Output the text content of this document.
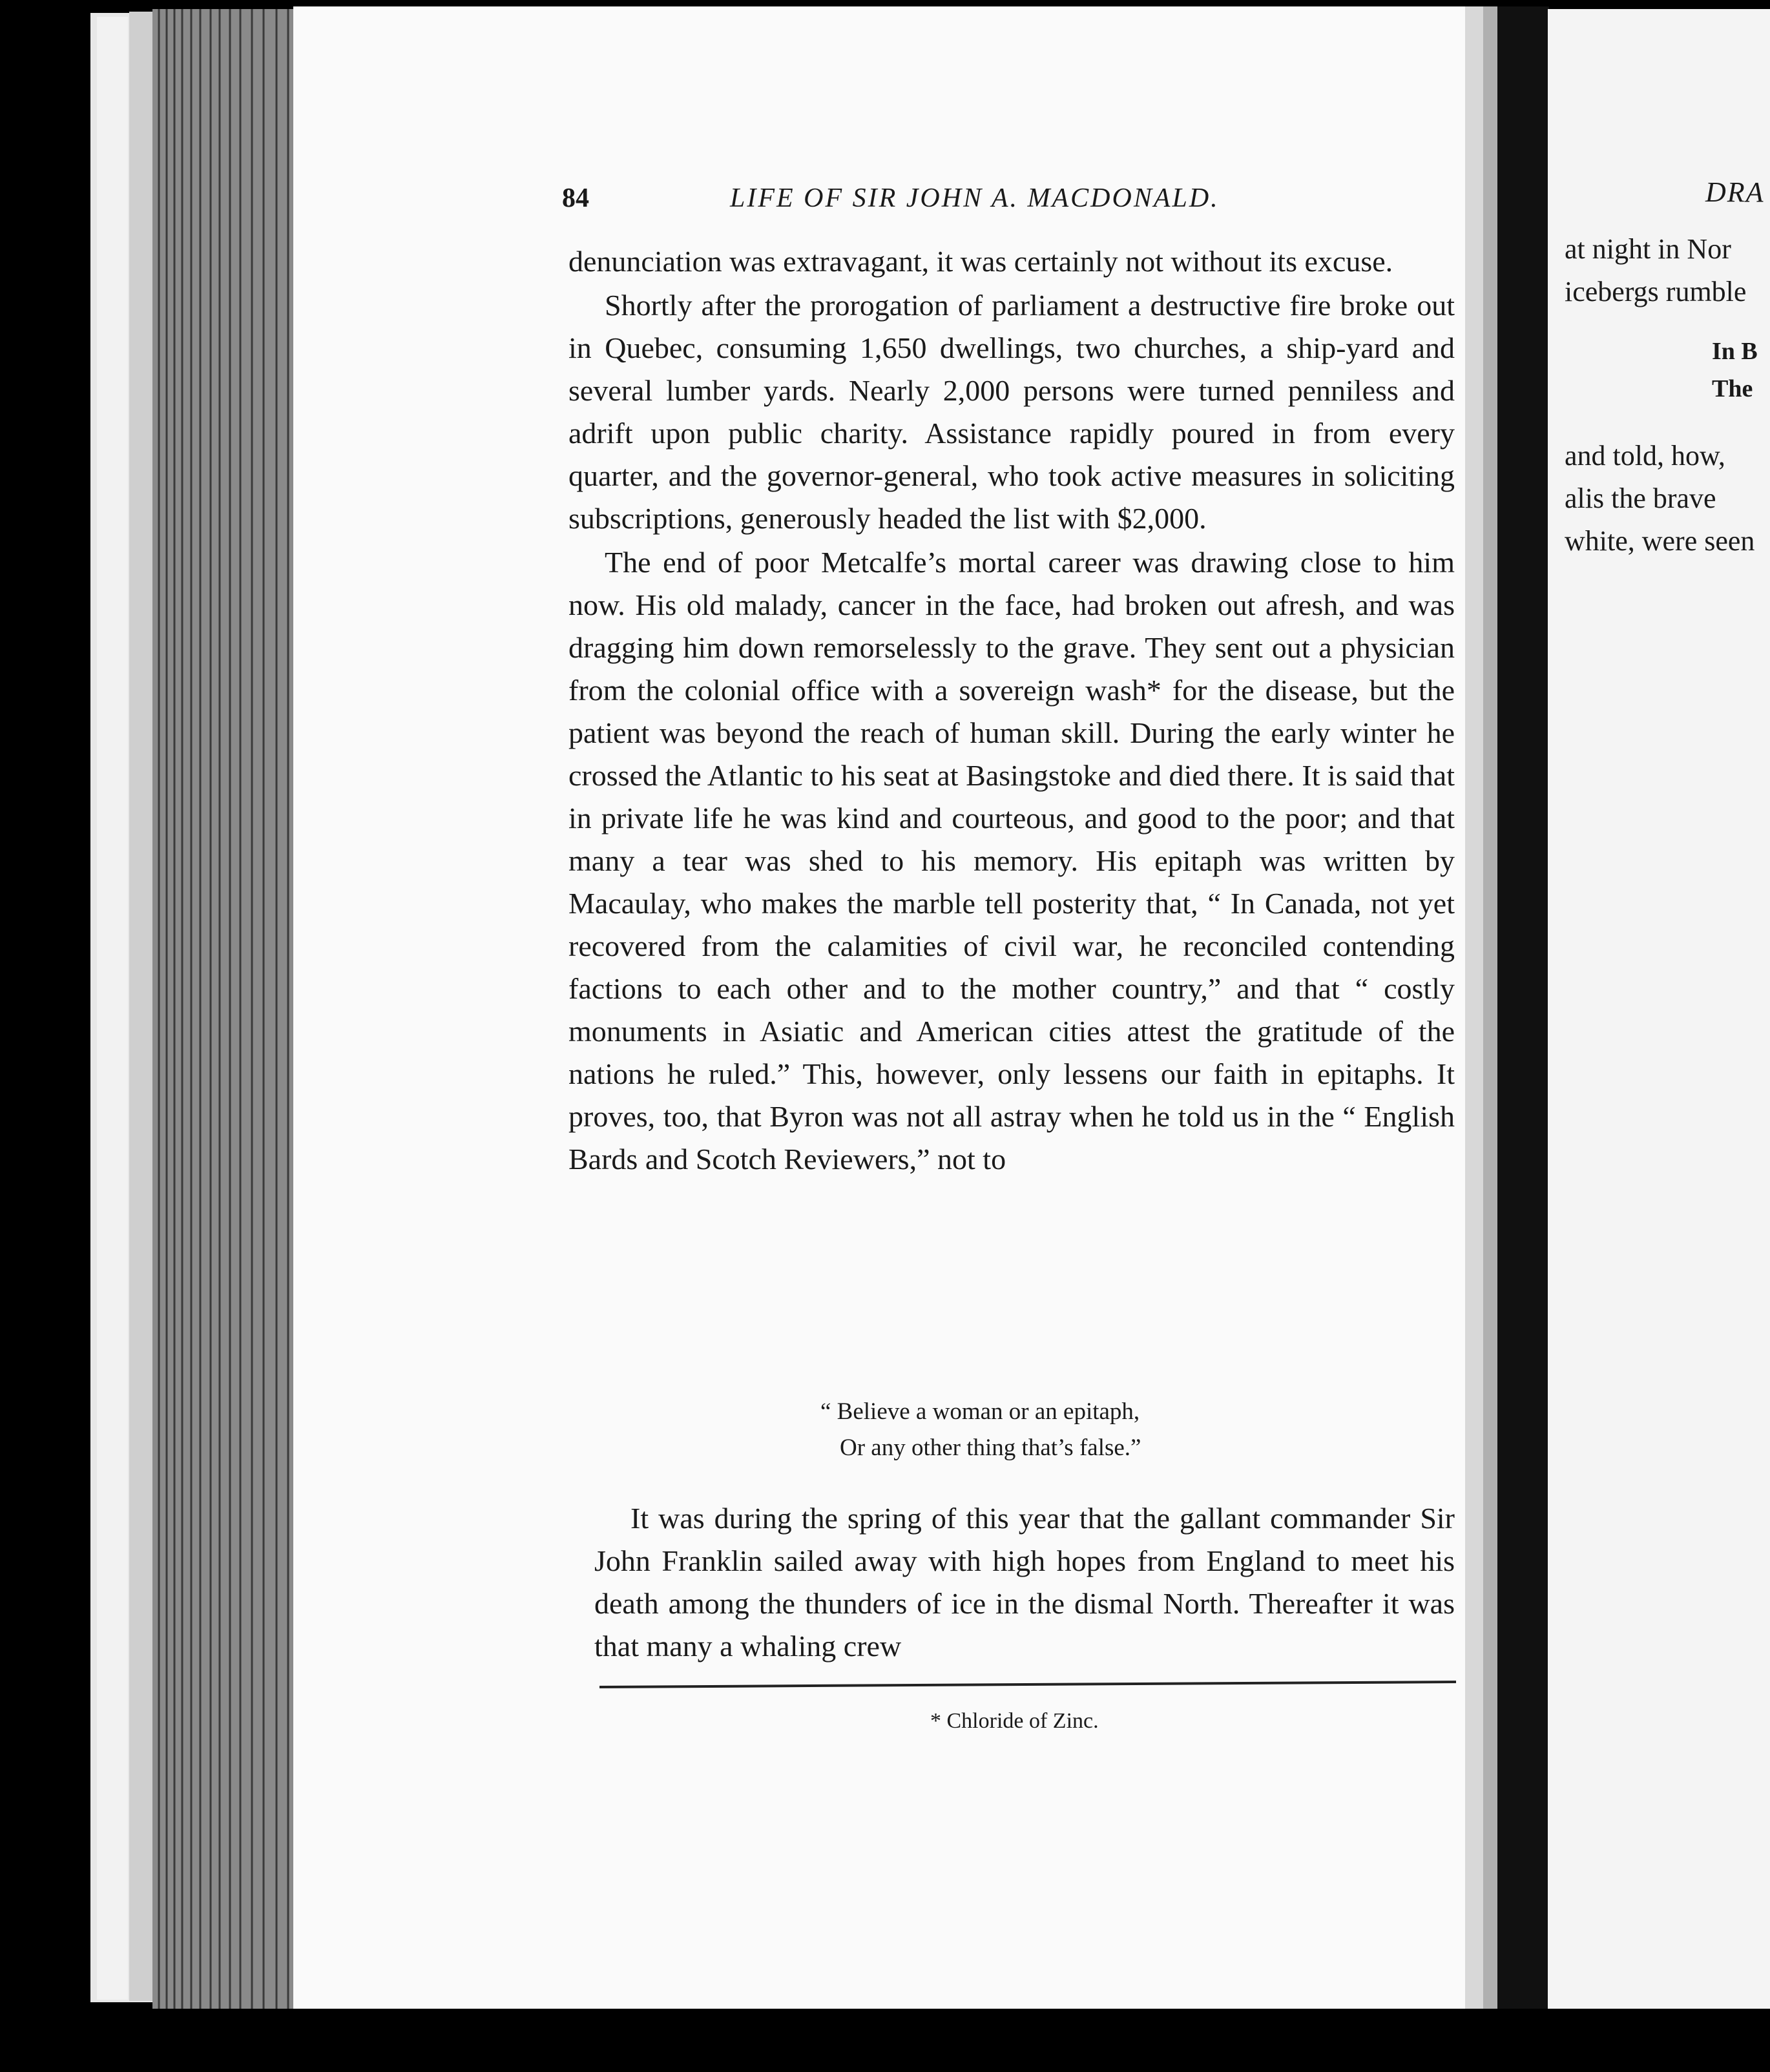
84	LIFE OF SIR JOHN A. MACDONALD.

denunciation was extravagant, it was certainly not without its excuse.

Shortly after the prorogation of parliament a destructive fire broke out in Quebec, consuming 1,650 dwellings, two churches, a ship-yard and several lumber yards. Nearly 2,000 persons were turned penniless and adrift upon public charity. Assistance rapidly poured in from every quarter, and the governor-general, who took active measures in soliciting subscriptions, generously headed the list with $2,000.

The end of poor Metcalfe’s mortal career was drawing close to him now. His old malady, cancer in the face, had broken out afresh, and was dragging him down remorselessly to the grave. They sent out a physician from the colonial office with a sovereign wash* for the disease, but the patient was beyond the reach of human skill. During the early winter he crossed the Atlantic to his seat at Basingstoke and died there. It is said that in private life he was kind and courteous, and good to the poor; and that many a tear was shed to his memory. His epitaph was written by Macaulay, who makes the marble tell posterity that, “ In Canada, not yet recovered from the calamities of civil war, he reconciled contending factions to each other and to the mother country,” and that “ costly monuments in Asiatic and American cities attest the gratitude of the nations he ruled.” This, however, only lessens our faith in epitaphs. It proves, too, that Byron was not all astray when he told us in the “ English Bards and Scotch Reviewers,” not to

“ Believe a woman or an epitaph,
Or any other thing that’s false.”

It was during the spring of this year that the gallant commander Sir John Franklin sailed away with high hopes from England to meet his death among the thunders of ice in the dismal North. Thereafter it was that many a whaling crew

* Chloride of Zinc.
DRA
at night in Nor
icebergs rumble
In B
The
and told, how,
alis the brave
white, were seen
